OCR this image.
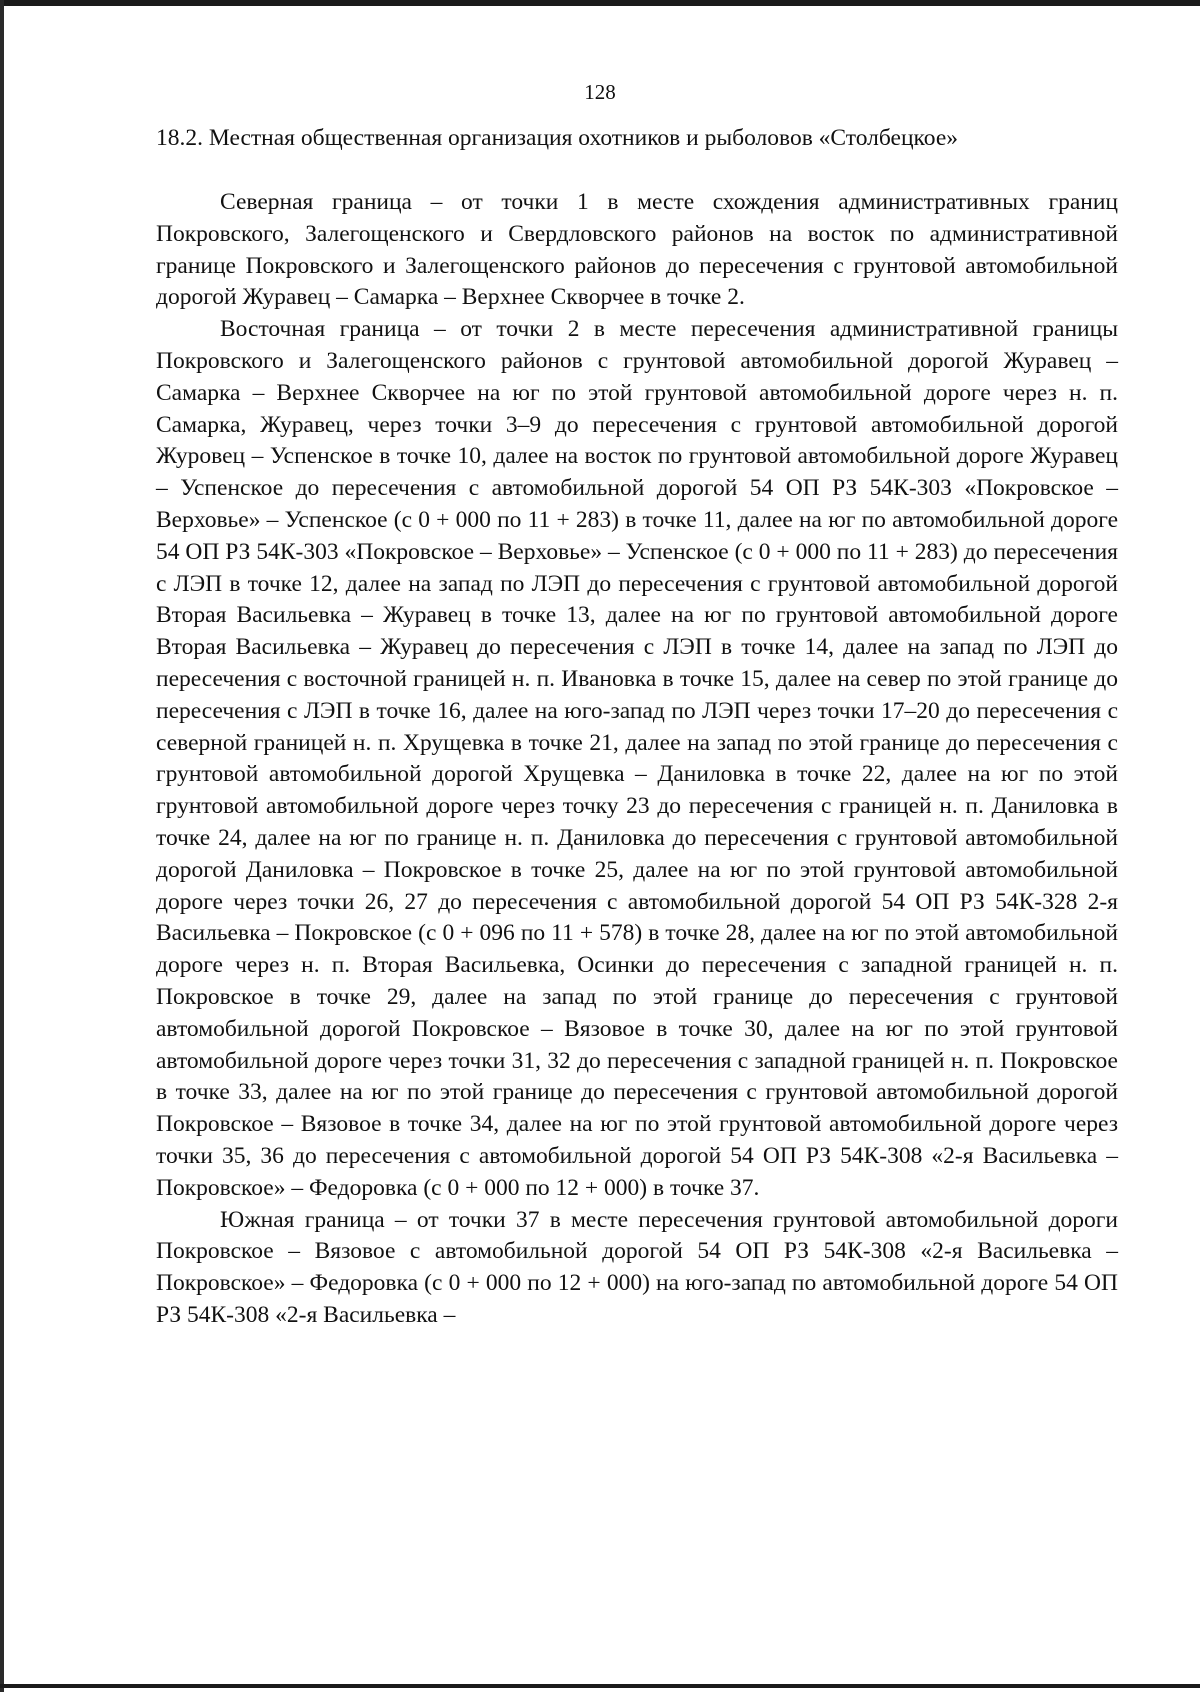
128
18.2. Местная общественная организация охотников и рыболовов «Столбецкое»

Северная граница – от точки 1 в месте схождения административных границ Покровского, Залегощенского и Свердловского районов на восток по административной границе Покровского и Залегощенского районов до пересечения с грунтовой автомобильной дорогой Журавец – Самарка – Верхнее Скворчее в точке 2.

Восточная граница – от точки 2 в месте пересечения административной границы Покровского и Залегощенского районов с грунтовой автомобильной дорогой Журавец – Самарка – Верхнее Скворчее на юг по этой грунтовой автомобильной дороге через н. п. Самарка, Журавец, через точки 3–9 до пересечения с грунтовой автомобильной дорогой Журовец – Успенское в точке 10, далее на восток по грунтовой автомобильной дороге Журавец – Успенское до пересечения с автомобильной дорогой 54 ОП РЗ 54К-303 «Покровское – Верховье» – Успенское (с 0 + 000 по 11 + 283) в точке 11, далее на юг по автомобильной дороге 54 ОП РЗ 54К-303 «Покровское – Верховье» – Успенское (с 0 + 000 по 11 + 283) до пересечения с ЛЭП в точке 12, далее на запад по ЛЭП до пересечения с грунтовой автомобильной дорогой Вторая Васильевка – Журавец в точке 13, далее на юг по грунтовой автомобильной дороге Вторая Васильевка – Журавец до пересечения с ЛЭП в точке 14, далее на запад по ЛЭП до пересечения с восточной границей н. п. Ивановка в точке 15, далее на север по этой границе до пересечения с ЛЭП в точке 16, далее на юго-запад по ЛЭП через точки 17–20 до пересечения с северной границей н. п. Хрущевка в точке 21, далее на запад по этой границе до пересечения с грунтовой автомобильной дорогой Хрущевка – Даниловка в точке 22, далее на юг по этой грунтовой автомобильной дороге через точку 23 до пересечения с границей н. п. Даниловка в точке 24, далее на юг по границе н. п. Даниловка до пересечения с грунтовой автомобильной дорогой Даниловка – Покровское в точке 25, далее на юг по этой грунтовой автомобильной дороге через точки 26, 27 до пересечения с автомобильной дорогой 54 ОП РЗ 54К-328 2-я Васильевка – Покровское (с 0 + 096 по 11 + 578) в точке 28, далее на юг по этой автомобильной дороге через н. п. Вторая Васильевка, Осинки до пересечения с западной границей н. п. Покровское в точке 29, далее на запад по этой границе до пересечения с грунтовой автомобильной дорогой Покровское – Вязовое в точке 30, далее на юг по этой грунтовой автомобильной дороге через точки 31, 32 до пересечения с западной границей н. п. Покровское в точке 33, далее на юг по этой границе до пересечения с грунтовой автомобильной дорогой Покровское – Вязовое в точке 34, далее на юг по этой грунтовой автомобильной дороге через точки 35, 36 до пересечения с автомобильной дорогой 54 ОП РЗ 54К-308 «2-я Васильевка – Покровское» – Федоровка (с 0 + 000 по 12 + 000) в точке 37.

Южная граница – от точки 37 в месте пересечения грунтовой автомобильной дороги Покровское – Вязовое с автомобильной дорогой 54 ОП РЗ 54К-308 «2-я Васильевка – Покровское» – Федоровка (с 0 + 000 по 12 + 000) на юго-запад по автомобильной дороге 54 ОП РЗ 54К-308 «2-я Васильевка –
